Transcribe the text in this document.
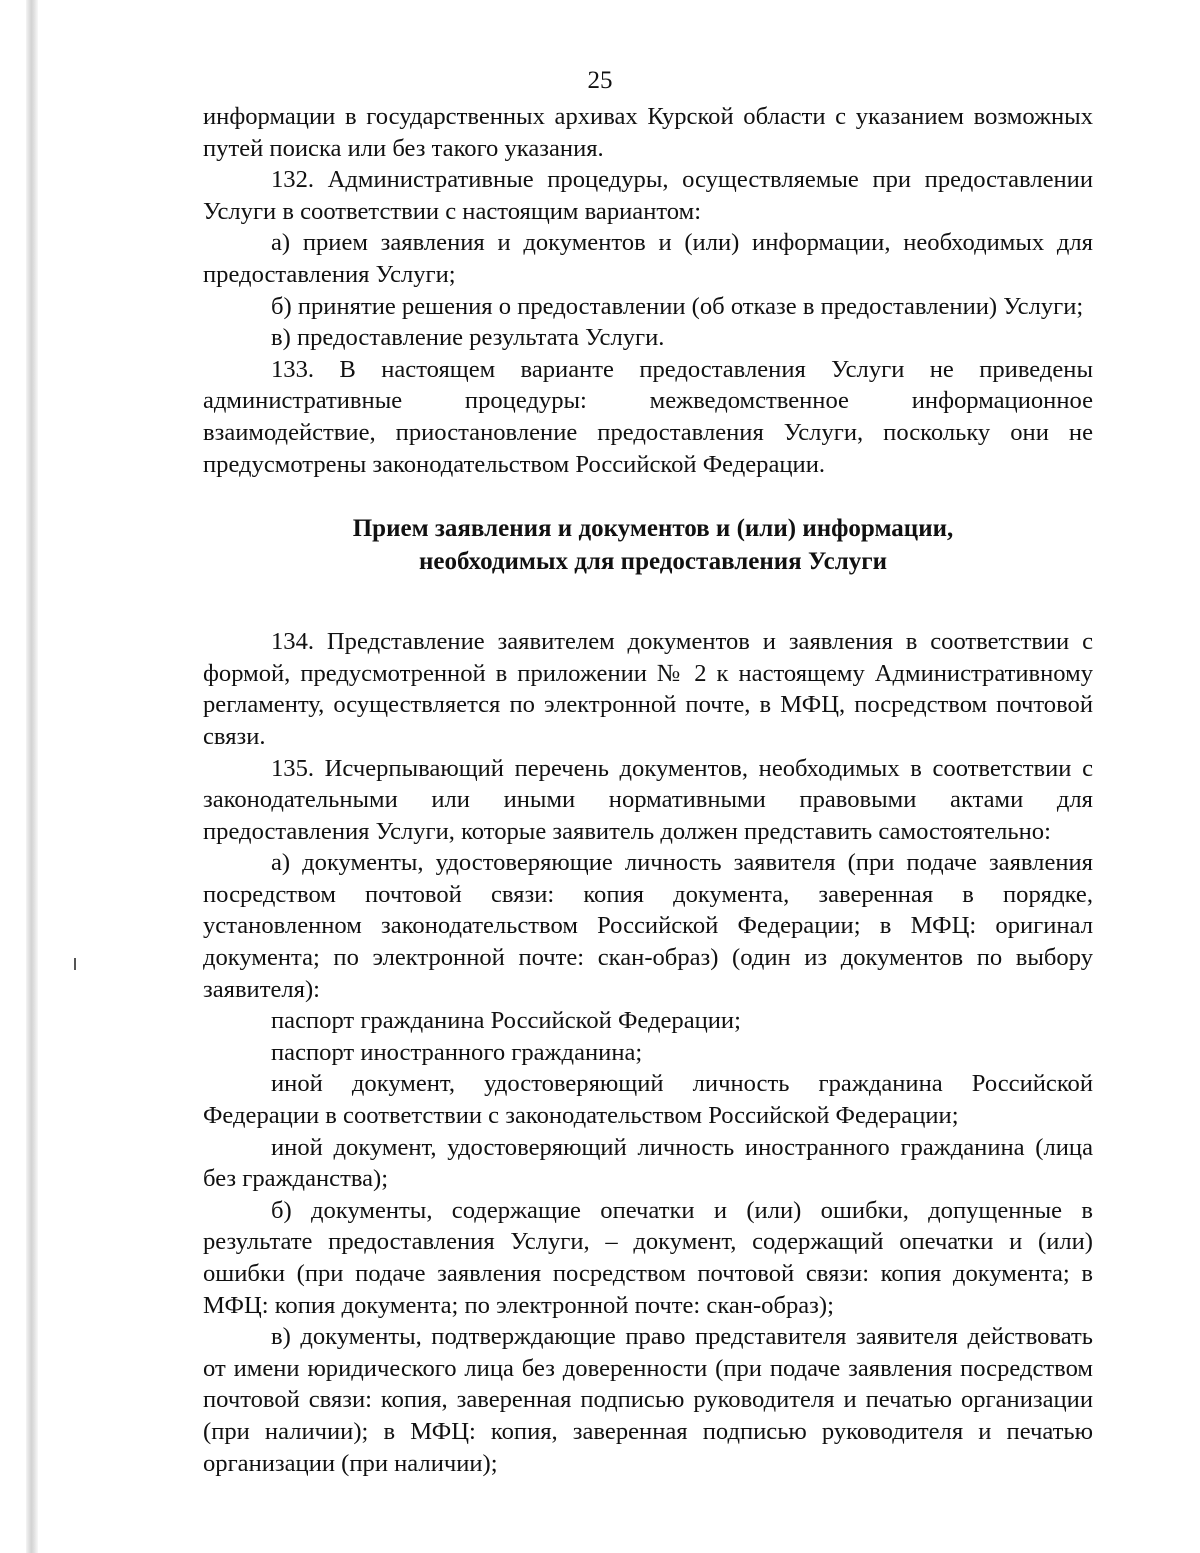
25

информации в государственных архивах Курской области с указанием возможных путей поиска или без такого указания.

132. Административные процедуры, осуществляемые при предоставлении Услуги в соответствии с настоящим вариантом:

а) прием заявления и документов и (или) информации, необходимых для предоставления Услуги;

б) принятие решения о предоставлении (об отказе в предоставлении) Услуги;

в) предоставление результата Услуги.

133. В настоящем варианте предоставления Услуги не приведены административные процедуры: межведомственное информационное взаимодействие, приостановление предоставления Услуги, поскольку они не предусмотрены законодательством Российской Федерации.

Прием заявления и документов и (или) информации,
необходимых для предоставления Услуги

134. Представление заявителем документов и заявления в соответствии с формой, предусмотренной в приложении № 2 к настоящему Административному регламенту, осуществляется по электронной почте, в МФЦ, посредством почтовой связи.

135. Исчерпывающий перечень документов, необходимых в соответствии с законодательными или иными нормативными правовыми актами для предоставления Услуги, которые заявитель должен представить самостоятельно:

а) документы, удостоверяющие личность заявителя (при подаче заявления посредством почтовой связи: копия документа, заверенная в порядке, установленном законодательством Российской Федерации; в МФЦ: оригинал документа; по электронной почте: скан-образ) (один из документов по выбору заявителя):

паспорт гражданина Российской Федерации;

паспорт иностранного гражданина;

иной документ, удостоверяющий личность гражданина Российской Федерации в соответствии с законодательством Российской Федерации;

иной документ, удостоверяющий личность иностранного гражданина (лица без гражданства);

б) документы, содержащие опечатки и (или) ошибки, допущенные в результате предоставления Услуги, – документ, содержащий опечатки и (или) ошибки (при подаче заявления посредством почтовой связи: копия документа; в МФЦ: копия документа; по электронной почте: скан-образ);

в) документы, подтверждающие право представителя заявителя действовать от имени юридического лица без доверенности (при подаче заявления посредством почтовой связи: копия, заверенная подписью руководителя и печатью организации (при наличии); в МФЦ: копия, заверенная подписью руководителя и печатью организации (при наличии);
